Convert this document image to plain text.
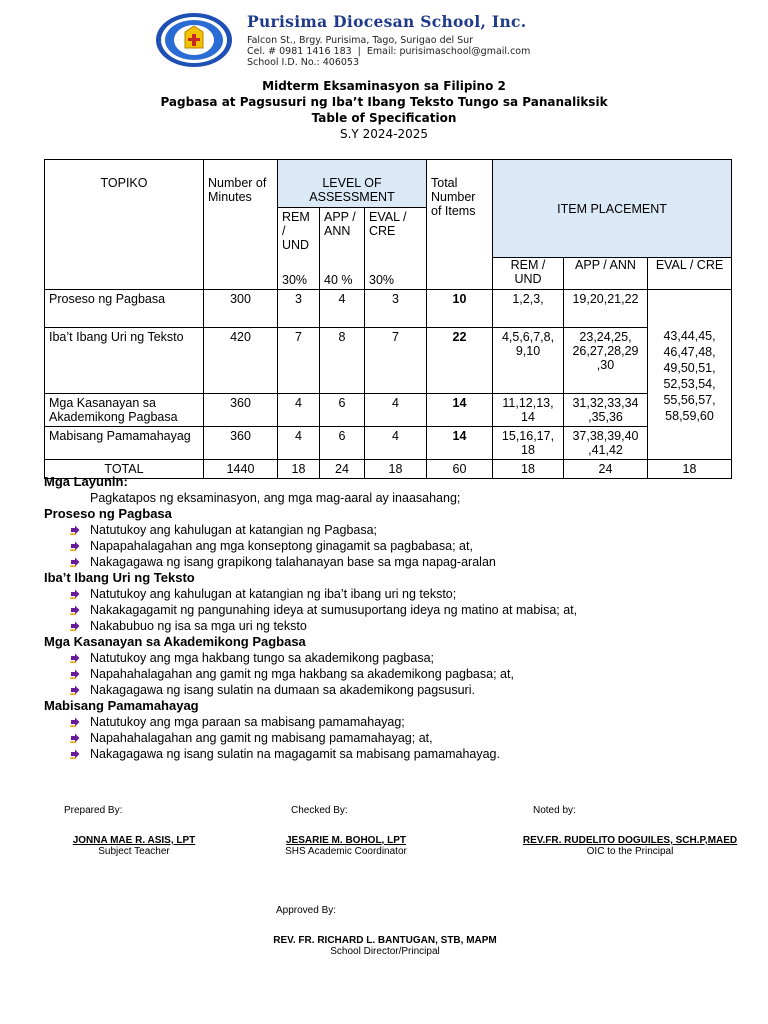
Purisima Diocesan School, Inc.
Falcon St., Brgy. Purisima, Tago, Surigao del Sur
Cel. # 0981 1416 183 | Email: purisimaschool@gmail.com
School I.D. No.: 406053
Midterm Eksaminasyon sa Filipino 2
Pagbasa at Pagsusuri ng Iba’t Ibang Teksto Tungo sa Pananaliksik
Table of Specification
S.Y 2024-2025
TOPIKO	Number of Minutes	LEVEL OF ASSESSMENT			Total Number of Items	ITEM PLACEMENT		
		REM / UND	APP / ANN	EVAL / CRE				
		30%	40 %	30%		REM / UND	APP / ANN	EVAL / CRE
Proseso ng Pagbasa	300	3	4	3	10	1,2,3,	19,20,21,22	43,44,45, 46,47,48, 49,50,51, 52,53,54, 55,56,57, 58,59,60
Iba’t Ibang Uri ng Teksto	420	7	8	7	22	4,5,6,7,8, 9,10	23,24,25, 26,27,28,29 ,30	
Mga Kasanayan sa Akademikong Pagbasa	360	4	6	4	14	11,12,13, 14	31,32,33,34 ,35,36	
Mabisang Pamamahayag	360	4	6	4	14	15,16,17, 18	37,38,39,40 ,41,42	
TOTAL	1440	18	24	18	60	18	24	18
Mga Layunin:
Pagkatapos ng eksaminasyon, ang mga mag-aaral ay inaasahang;
Proseso ng Pagbasa
Natutukoy ang kahulugan at katangian ng Pagbasa;
Napapahalagahan ang mga konseptong ginagamit sa pagbabasa; at,
Nakagagawa ng isang grapikong talahanayan base sa mga napag-aralan
Iba’t Ibang Uri ng Teksto
Natutukoy ang kahulugan at katangian ng iba’t ibang uri ng teksto;
Nakakagagamit ng pangunahing ideya at sumusuportang ideya ng matino at mabisa; at,
Nakabubuo ng isa sa mga uri ng teksto
Mga Kasanayan sa Akademikong Pagbasa
Natutukoy ang mga hakbang tungo sa akademikong pagbasa;
Napahahalagahan ang gamit ng mga hakbang sa akademikong pagbasa; at,
Nakagagawa ng isang sulatin na dumaan sa akademikong pagsusuri.
Mabisang Pamamahayag
Natutukoy ang mga paraan sa mabisang pamamahayag;
Napahahalagahan ang gamit ng mabisang pamamahayag; at,
Nakagagawa ng isang sulatin na magagamit sa mabisang pamamahayag.
Prepared By:
JONNA MAE R. ASIS, LPT
Subject Teacher
Checked By:
JESARIE M. BOHOL, LPT
SHS Academic Coordinator
Noted by:
REV.FR. RUDELITO DOGUILES, SCH.P,MAED
OIC to the Principal
Approved By:
REV. FR. RICHARD L. BANTUGAN, STB, MAPM
School Director/Principal
